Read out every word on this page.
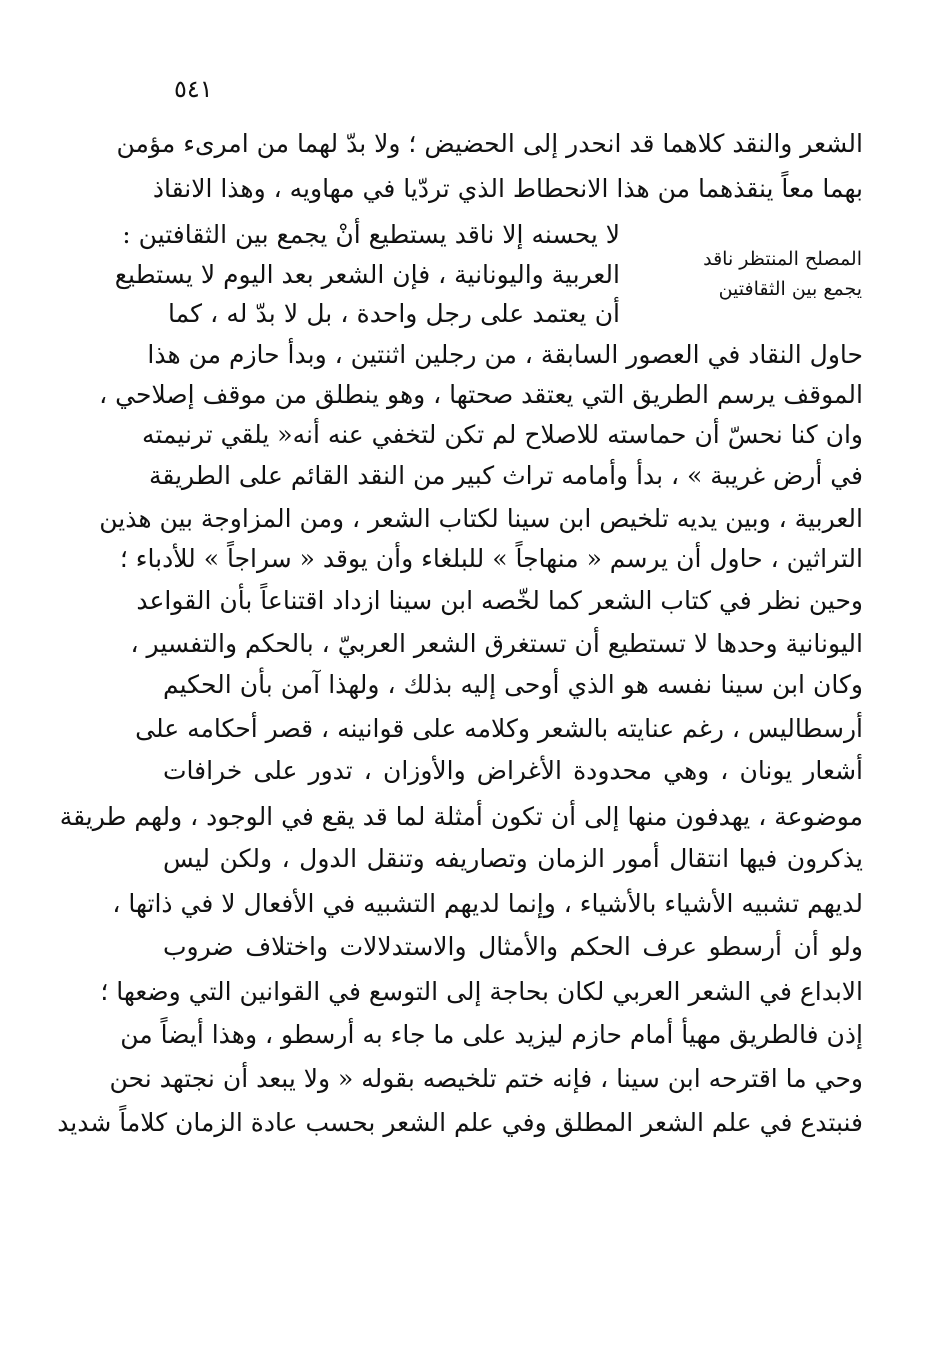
٥٤١
المصلح المنتظر ناقد
يجمع بين الثقافتين
الشعر والنقد كلاهما قد انحدر إلى الحضيض ؛ ولا بدّ لهما من امرىء مؤمن
بهما معاً ينقذهما من هذا الانحطاط الذي تردّيا في مهاويه ، وهذا الانقاذ
لا يحسنه إلا ناقد يستطيع أنْ يجمع بين الثقافتين :
العربية واليونانية ، فإن الشعر بعد اليوم لا يستطيع
أن يعتمد على رجل واحدة ، بل لا بدّ له ، كما
حاول النقاد في العصور السابقة ، من رجلين اثنتين ، وبدأ حازم من هذا
الموقف يرسم الطريق التي يعتقد صحتها ، وهو ينطلق من موقف إصلاحي ،
وان كنا نحسّ أن حماسته للاصلاح لم تكن لتخفي عنه أنه« يلقي ترنيمته
في أرض غريبة » ، بدأ وأمامه تراث كبير من النقد القائم على الطريقة
العربية ، وبين يديه تلخيص ابن سينا لكتاب الشعر ، ومن المزاوجة بين هذين
التراثين ، حاول أن يرسم « منهاجاً » للبلغاء وأن يوقد « سراجاً » للأدباء ؛
وحين نظر في كتاب الشعر كما لخّصه ابن سينا ازداد اقتناعاً بأن القواعد
اليونانية وحدها لا تستطيع أن تستغرق الشعر العربيّ ، بالحكم والتفسير ،
وكان ابن سينا نفسه هو الذي أوحى إليه بذلك ، ولهذا آمن بأن الحكيم
أرسطاليس ، رغم عنايته بالشعر وكلامه على قوانينه ، قصر أحكامه على
أشعار يونان ، وهي محدودة الأغراض والأوزان ، تدور على خرافات
موضوعة ، يهدفون منها إلى أن تكون أمثلة لما قد يقع في الوجود ، ولهم طريقة
يذكرون فيها انتقال أمور الزمان وتصاريفه وتنقل الدول ، ولكن ليس
لديهم تشبيه الأشياء بالأشياء ، وإنما لديهم التشبيه في الأفعال لا في ذاتها ،
ولو أن أرسطو عرف الحكم والأمثال والاستدلالات واختلاف ضروب
الابداع في الشعر العربي لكان بحاجة إلى التوسع في القوانين التي وضعها ؛
إذن فالطريق مهيأ أمام حازم ليزيد على ما جاء به أرسطو ، وهذا أيضاً من
وحي ما اقترحه ابن سينا ، فإنه ختم تلخيصه بقوله « ولا يبعد أن نجتهد نحن
فنبتدع في علم الشعر المطلق وفي علم الشعر بحسب عادة الزمان كلاماً شديد
